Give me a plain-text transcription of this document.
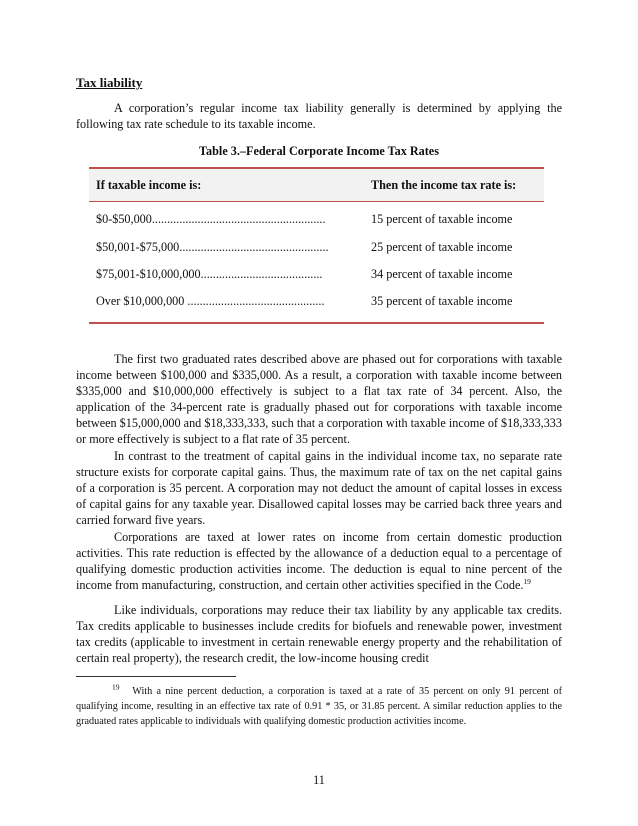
Tax liability

A corporation’s regular income tax liability generally is determined by applying the following tax rate schedule to its taxable income.

Table 3.–Federal Corporate Income Tax Rates
If taxable income is:	Then the income tax rate is:
$0-$50,000.........................................................	15 percent of taxable income
$50,001-$75,000.................................................	25 percent of taxable income
$75,001-$10,000,000........................................	34 percent of taxable income
Over $10,000,000 .............................................	35 percent of taxable income

The first two graduated rates described above are phased out for corporations with taxable income between $100,000 and $335,000. As a result, a corporation with taxable income between $335,000 and $10,000,000 effectively is subject to a flat tax rate of 34 percent. Also, the application of the 34-percent rate is gradually phased out for corporations with taxable income between $15,000,000 and $18,333,333, such that a corporation with taxable income of $18,333,333 or more effectively is subject to a flat rate of 35 percent.

In contrast to the treatment of capital gains in the individual income tax, no separate rate structure exists for corporate capital gains. Thus, the maximum rate of tax on the net capital gains of a corporation is 35 percent. A corporation may not deduct the amount of capital losses in excess of capital gains for any taxable year. Disallowed capital losses may be carried back three years and carried forward five years.

Corporations are taxed at lower rates on income from certain domestic production activities. This rate reduction is effected by the allowance of a deduction equal to a percentage of qualifying domestic production activities income. The deduction is equal to nine percent of the income from manufacturing, construction, and certain other activities specified in the Code.$^{19}$

Like individuals, corporations may reduce their tax liability by any applicable tax credits. Tax credits applicable to businesses include credits for biofuels and renewable power, investment tax credits (applicable to investment in certain renewable energy property and the rehabilitation of certain real property), the research credit, the low-income housing credit

$^{19}$ With a nine percent deduction, a corporation is taxed at a rate of 35 percent on only 91 percent of qualifying income, resulting in an effective tax rate of 0.91 * 35, or 31.85 percent. A similar reduction applies to the graduated rates applicable to individuals with qualifying domestic production activities income.

11
